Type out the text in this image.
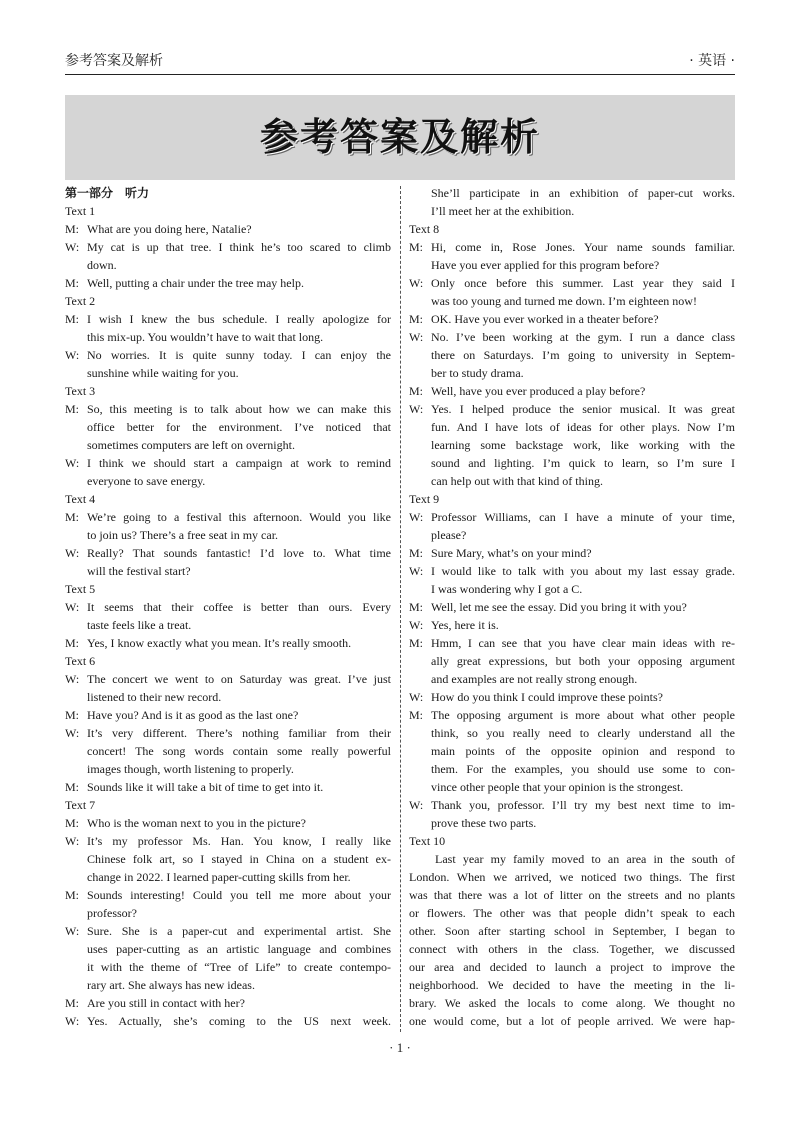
参考答案及解析	· 英语 ·
参考答案及解析
第一部分　听力
Text 1
M: What are you doing here, Natalie?
W: My cat is up that tree. I think he’s too scared to climb
down.
M: Well, putting a chair under the tree may help.
Text 2
M: I wish I knew the bus schedule. I really apologize for
this mix-up. You wouldn’t have to wait that long.
W: No worries. It is quite sunny today. I can enjoy the
sunshine while waiting for you.
Text 3
M: So, this meeting is to talk about how we can make this
office better for the environment. I’ve noticed that
sometimes computers are left on overnight.
W: I think we should start a campaign at work to remind
everyone to save energy.
Text 4
M: We’re going to a festival this afternoon. Would you like
to join us? There’s a free seat in my car.
W: Really? That sounds fantastic! I’d love to. What time
will the festival start?
Text 5
W: It seems that their coffee is better than ours. Every
taste feels like a treat.
M: Yes, I know exactly what you mean. It’s really smooth.
Text 6
W: The concert we went to on Saturday was great. I’ve just
listened to their new record.
M: Have you? And is it as good as the last one?
W: It’s very different. There’s nothing familiar from their
concert! The song words contain some really powerful
images though, worth listening to properly.
M: Sounds like it will take a bit of time to get into it.
Text 7
M: Who is the woman next to you in the picture?
W: It’s my professor Ms. Han. You know, I really like
Chinese folk art, so I stayed in China on a student ex-
change in 2022. I learned paper-cutting skills from her.
M: Sounds interesting! Could you tell me more about your
professor?
W: Sure. She is a paper-cut and experimental artist. She
uses paper-cutting as an artistic language and combines
it with the theme of “Tree of Life” to create contempo-
rary art. She always has new ideas.
M: Are you still in contact with her?
W: Yes. Actually, she’s coming to the US next week.
She’ll participate in an exhibition of paper-cut works.
I’ll meet her at the exhibition.
Text 8
M: Hi, come in, Rose Jones. Your name sounds familiar.
Have you ever applied for this program before?
W: Only once before this summer. Last year they said I
was too young and turned me down. I’m eighteen now!
M: OK. Have you ever worked in a theater before?
W: No. I’ve been working at the gym. I run a dance class
there on Saturdays. I’m going to university in Septem-
ber to study drama.
M: Well, have you ever produced a play before?
W: Yes. I helped produce the senior musical. It was great
fun. And I have lots of ideas for other plays. Now I’m
learning some backstage work, like working with the
sound and lighting. I’m quick to learn, so I’m sure I
can help out with that kind of thing.
Text 9
W: Professor Williams, can I have a minute of your time,
please?
M: Sure Mary, what’s on your mind?
W: I would like to talk with you about my last essay grade.
I was wondering why I got a C.
M: Well, let me see the essay. Did you bring it with you?
W: Yes, here it is.
M: Hmm, I can see that you have clear main ideas with re-
ally great expressions, but both your opposing argument
and examples are not really strong enough.
W: How do you think I could improve these points?
M: The opposing argument is more about what other people
think, so you really need to clearly understand all the
main points of the opposite opinion and respond to
them. For the examples, you should use some to con-
vince other people that your opinion is the strongest.
W: Thank you, professor. I’ll try my best next time to im-
prove these two parts.
Text 10
Last year my family moved to an area in the south of
London. When we arrived, we noticed two things. The first
was that there was a lot of litter on the streets and no plants
or flowers. The other was that people didn’t speak to each
other. Soon after starting school in September, I began to
connect with others in the class. Together, we discussed
our area and decided to launch a project to improve the
neighborhood. We decided to have the meeting in the li-
brary. We asked the locals to come along. We thought no
one would come, but a lot of people arrived. We were hap-
· 1 ·
